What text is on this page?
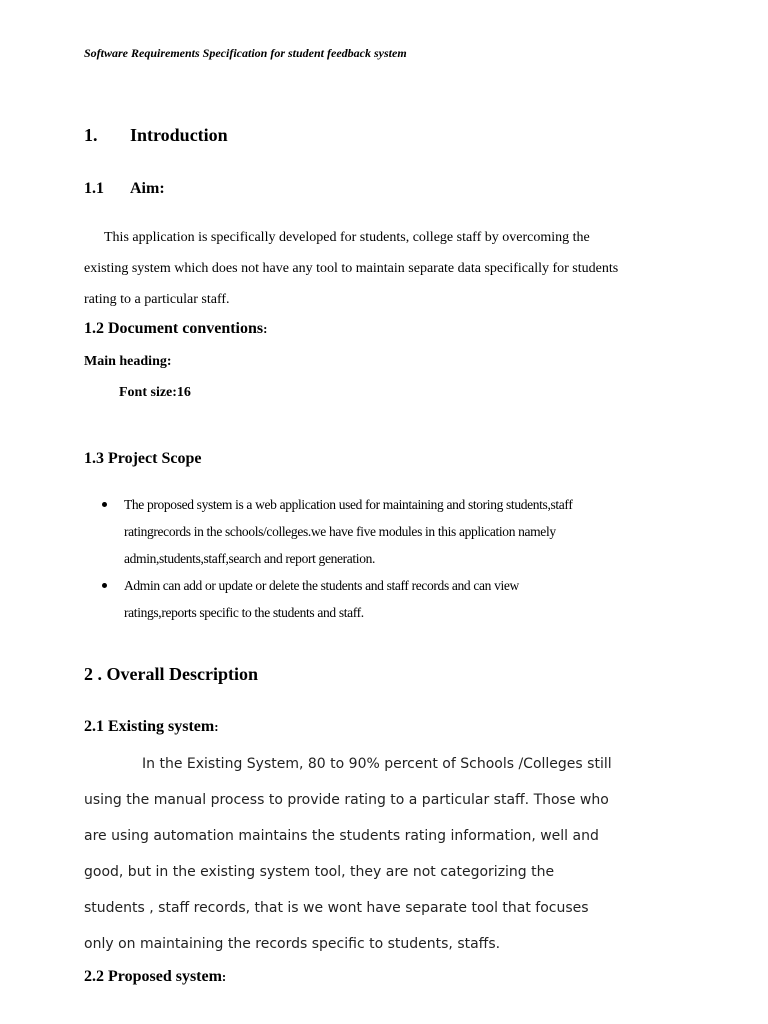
Software Requirements Specification for student feedback system
1. Introduction
1.1 Aim:
This application is specifically developed for students, college staff by overcoming the
existing system which does not have any tool to maintain separate data specifically for students
rating to a particular staff.
1.2 Document conventions:
Main heading:
Font size:16
1.3 Project Scope
The proposed system is a web application used for maintaining and storing students,staff
ratingrecords in the schools/colleges.we have five modules in this application namely
admin,students,staff,search and report generation.
Admin can add or update or delete the students and staff records and can view
ratings,reports specific to the students and staff.
2 . Overall Description
2.1 Existing system:
In the Existing System, 80 to 90% percent of Schools /Colleges still
using the manual process to provide rating to a particular staff. Those who
are using automation maintains the students rating information, well and
good, but in the existing system tool, they are not categorizing the
students , staff records, that is we wont have separate tool that focuses
only on maintaining the records specific to students, staffs.
2.2 Proposed system:
